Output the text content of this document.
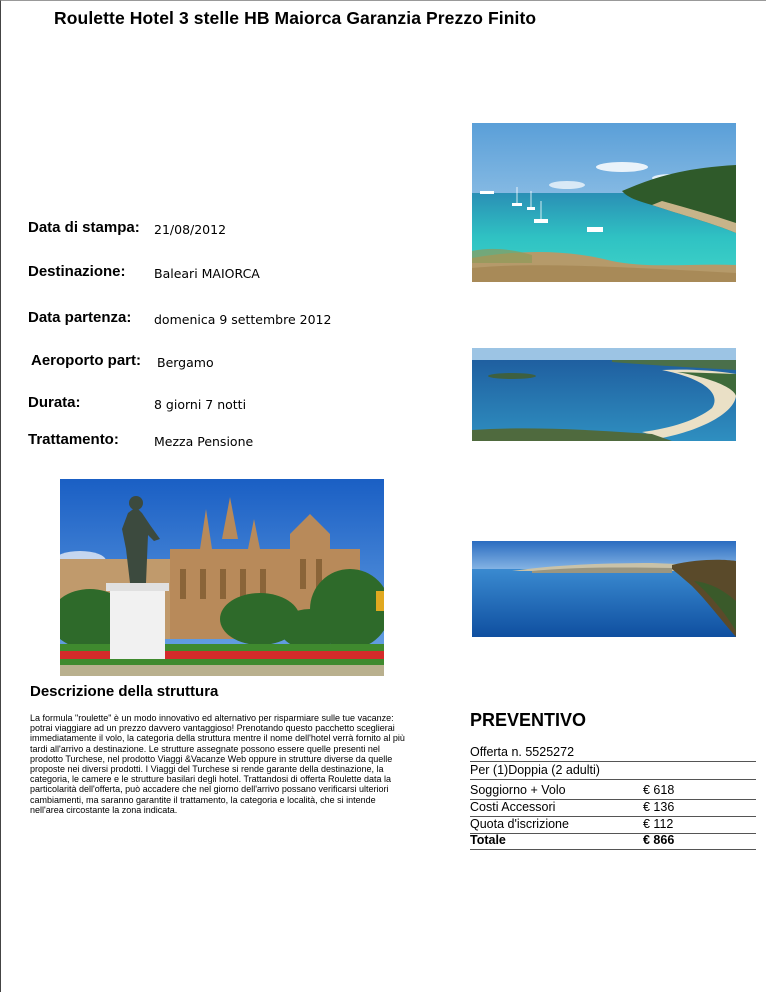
Roulette Hotel 3 stelle HB Maiorca Garanzia Prezzo Finito
Data di stampa: 21/08/2012
Destinazione: Baleari MAIORCA
Data partenza: domenica 9 settembre 2012
Aeroporto part: Bergamo
Durata:	8 giorni 7 notti
Trattamento:	Mezza Pensione
Descrizione della struttura
La formula "roulette" è un modo innovativo ed alternativo per risparmiare sulle tue vacanze: potrai viaggiare ad un prezzo davvero vantaggioso! Prenotando questo pacchetto sceglierai immediatamente il volo, la categoria della struttura mentre il nome dell'hotel verrà fornito al più tardi all'arrivo a destinazione. Le strutture assegnate possono essere quelle presenti nel prodotto Turchese, nel prodotto Viaggi &Vacanze Web oppure in strutture diverse da quelle proposte nei diversi prodotti. I Viaggi del Turchese si rende garante della destinazione, la categoria, le camere e le strutture basilari degli hotel. Trattandosi di offerta Roulette data la particolarità dell'offerta, può accadere che nel giorno dell'arrivo possano verificarsi ulteriori cambiamenti, ma saranno garantite il trattamento, la categoria e località, che si intende nell'area circostante la zona indicata.
PREVENTIVO
Offerta n. 5525272
Per (1)Doppia (2 adulti)
Soggiorno + Volo	€ 618
Costi Accessori	€ 136
Quota d'iscrizione	€ 112
Totale	€ 866
